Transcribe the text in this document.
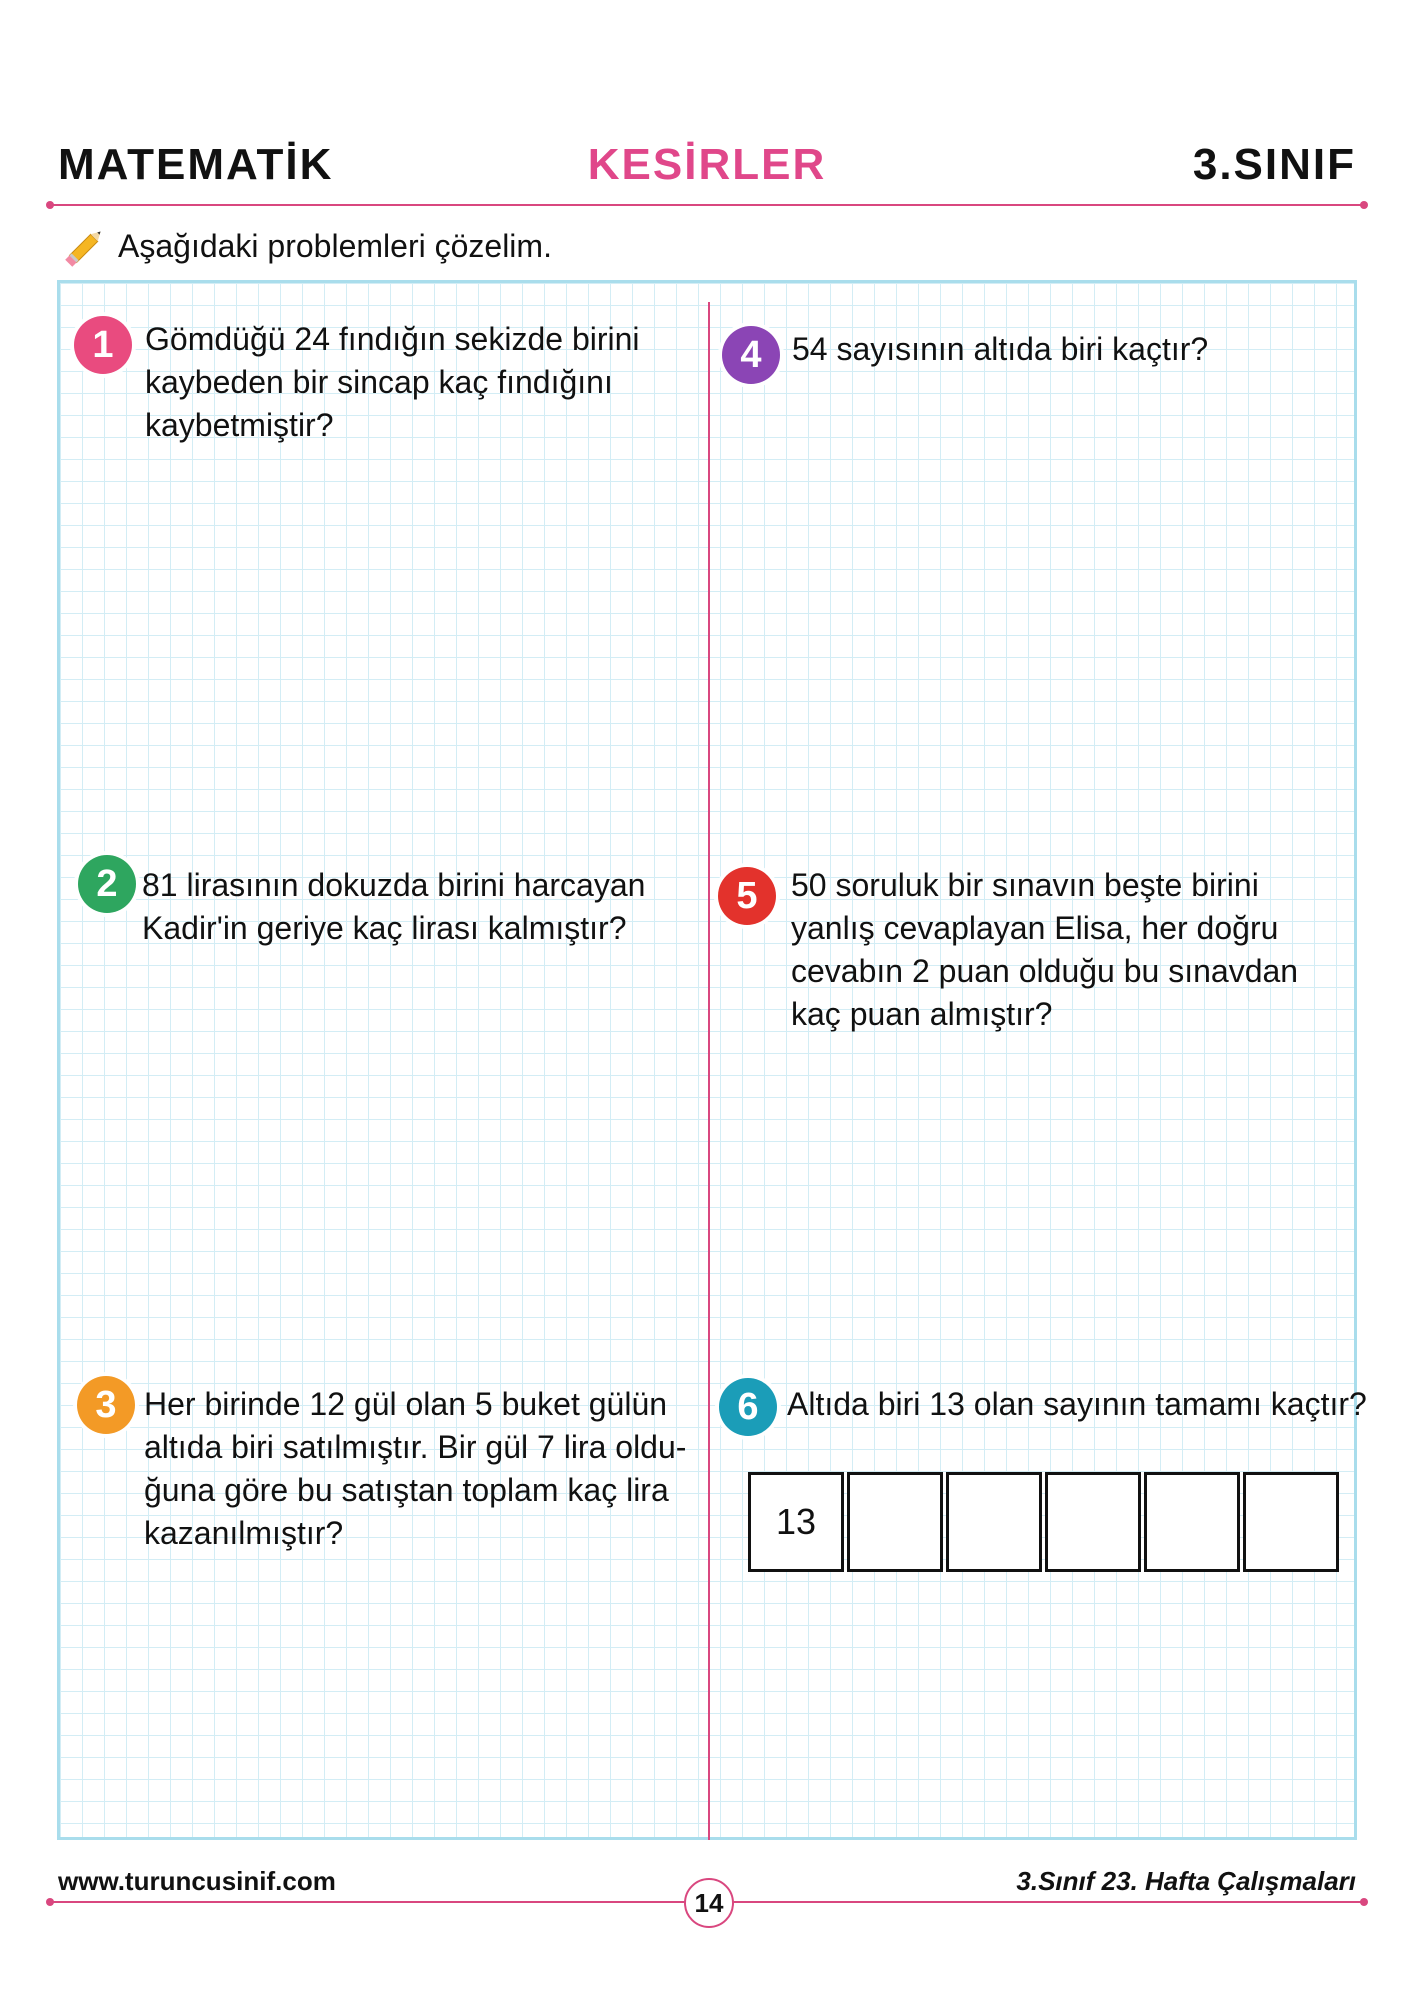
MATEMATİK	KESİRLER	3.SINIF
Aşağıdaki problemleri çözelim.
1 Gömdüğü 24 fındığın sekizde birini kaybeden bir sincap kaç fındığını kaybetmiştir?
4 54 sayısının altıda biri kaçtır?
2 81 lirasının dokuzda birini harcayan Kadir'in geriye kaç lirası kalmıştır?
5	50 soruluk bir sınavın beşte birini yanlış cevaplayan Elisa, her doğru cevabın 2 puan olduğu bu sınavdan kaç puan almıştır?
3 Her birinde 12 gül olan 5 buket gülün altıda biri satılmıştır. Bir gül 7 lira oldu-ğuna göre bu satıştan toplam kaç lira kazanılmıştır?
6 Altıda biri 13 olan sayının tamamı kaçtır?
13
www.turuncusinif.com	3.Sınıf 23. Hafta Çalışmaları
14
